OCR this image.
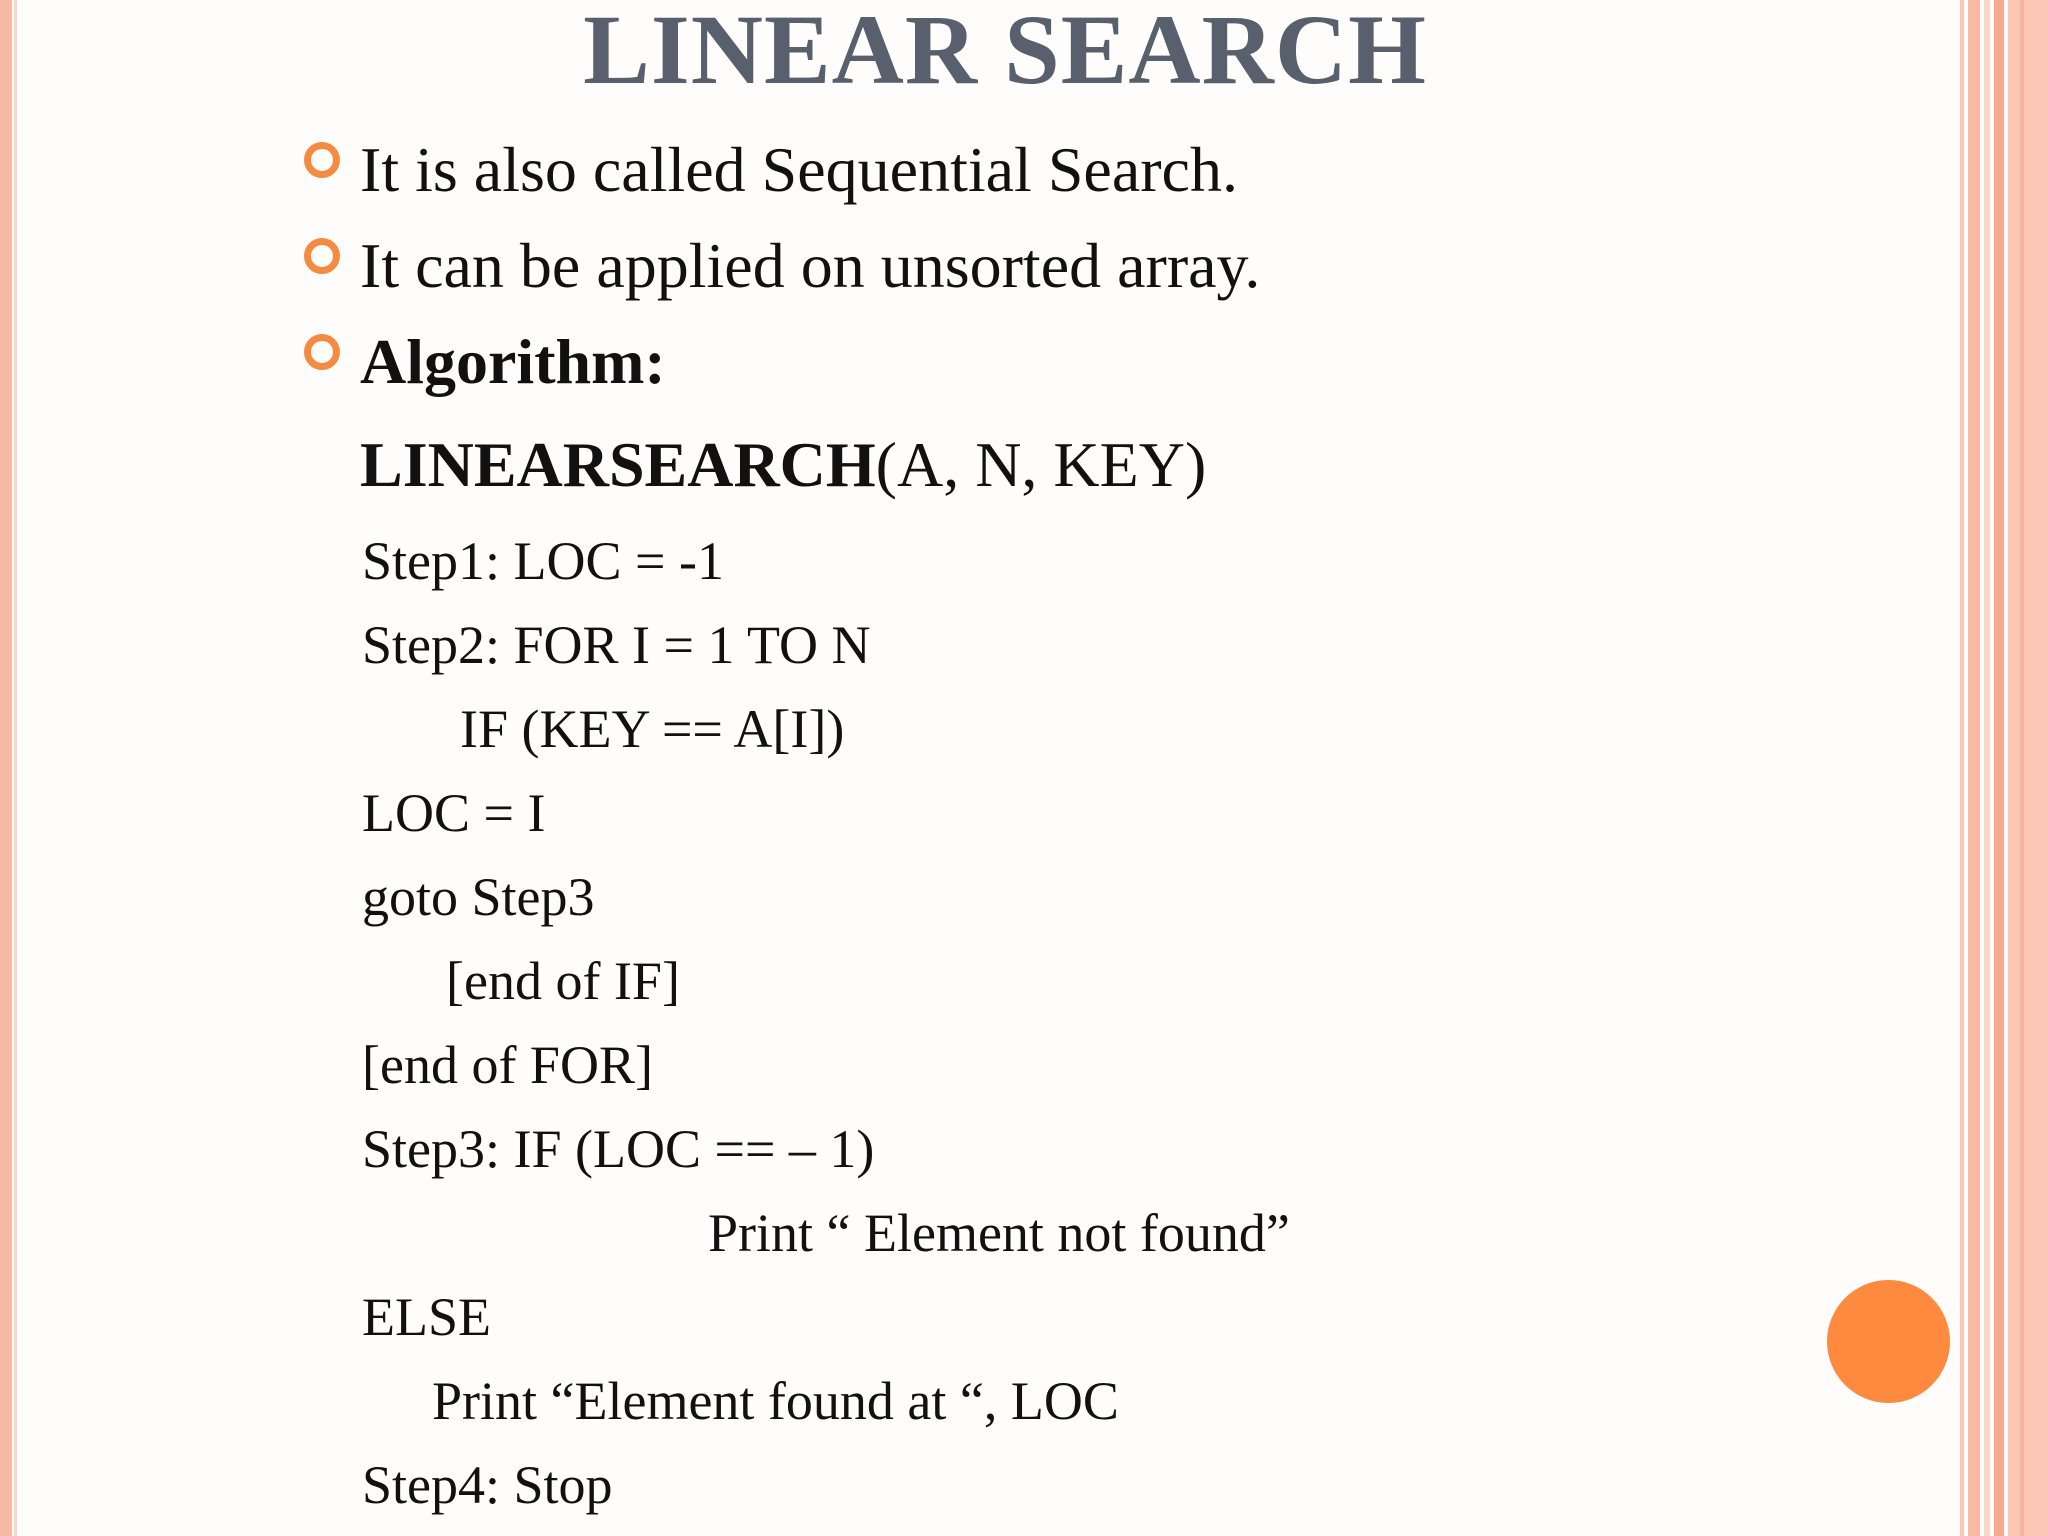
LINEAR SEARCH
It is also called Sequential Search.
It can be applied on unsorted array.
Algorithm:
LINEARSEARCH(A, N, KEY)
Step1: LOC = -1
Step2: FOR I = 1 TO N
IF (KEY == A[I])
LOC = I
goto Step3
[end of IF]
[end of FOR]
Step3: IF (LOC == – 1)
Print “ Element not found”
ELSE
Print “Element found at “, LOC
Step4: Stop
